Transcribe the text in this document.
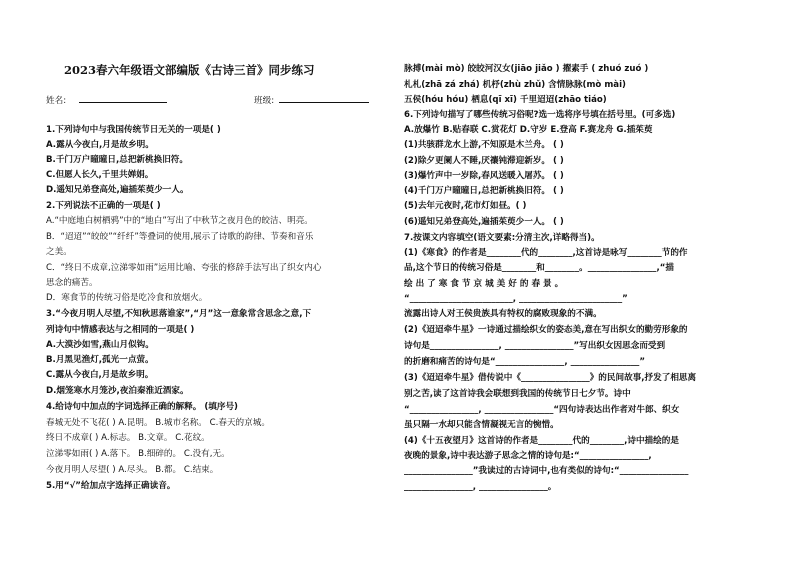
2023春六年级语文部编版《古诗三首》同步练习
姓名:	班级:
1.下列诗句中与我国传统节日无关的一项是( )
A.露从今夜白,月是故乡明。
B.千门万户曈曈日,总把新桃换旧符。
C.但愿人长久,千里共婵娟。
D.遥知兄弟登高处,遍插茱萸少一人。
2.下列说法不正确的一项是( )
A.“中庭地白树栖鸦”中的“地白”写出了中秋节之夜月色的皎洁、明亮。
B．“迢迢”“皎皎”“纤纤”等叠词的使用,展示了诗歌的韵律、节奏和音乐
之美。
C．“终日不成章,泣涕零如雨”运用比喻、夸张的修辞手法写出了织女内心
思念的痛苦。
D．寒食节的传统习俗是吃冷食和放烟火。
3.“今夜月明人尽望,不知秋思落谁家”,“月”这一意象常含思念之意,下
列诗句中情感表达与之相同的一项是( )
A.大漠沙如雪,燕山月似钩。
B.月黑见渔灯,孤光一点萤。
C.露从今夜白,月是故乡明。
D.烟笼寒水月笼沙,夜泊秦淮近酒家。
4.给诗句中加点的字词选择正确的解释。 (填序号)
春城无处不飞花( ) A.昆明。 B.城市名称。 C.春天的京城。
终日不成章( ) A.标志。 B.文章。 C.花纹。
泣涕零如雨( ) A.落下。 B.细碎的。 C.没有,无。
今夜月明人尽望( ) A.尽头。 B.都。 C.结束。
5.用“√”给加点字选择正确读音。
脉搏(mài mò) 皎皎河汉女(jiāo jiǎo ) 擢素手 ( zhuó zuó )
札札(zhā zá zhá) 机杼(zhù zhǔ) 含情脉脉(mò mài)
五侯(hóu hóu) 栖息(qī xī) 千里迢迢(zhāo tiáo)
6.下列诗句描写了哪些传统习俗呢?选一选将序号填在括号里。(可多选)
A.放爆竹 B.贴春联 C.赏花灯 D.守岁 E.登高 F.赛龙舟 G.插茱萸
(1)共骇群龙水上游,不知原是木兰舟。 ( )
(2)除夕更阑人不睡,厌禳钝滞迎新岁。 ( )
(3)爆竹声中一岁除,春风送暖入屠苏。 ( )
(4)千门万户曈曈日,总把新桃换旧符。 ( )
(5)去年元夜时,花市灯如昼。( )
(6)遥知兄弟登高处,遍插茱萸少一人。 ( )
7.按课文内容填空(语文要素:分清主次,详略得当)。
(1)《寒食》的作者是________代的________,这首诗是咏写________节的作
品,这个节日的传统习俗是________和________。________________,“描
绘 出 了 寒 食 节 京 城 美 好 的 春 景 。
“________________________, ________________________”
流露出诗人对王侯贵族具有特权的腐败现象的不满。
(2)《迢迢牵牛星》一诗通过描绘织女的姿态美,意在写出织女的勤劳形象的
诗句是________________, ________________”写出织女因思念而受到
的折磨和痛苦的诗句是“________________, ________________”
(3)《迢迢牵牛星》借传说中《________________》的民间故事,抒发了相思离
别之苦,读了这首诗我会联想到我国的传统节日七夕节。诗中
“________________, ________________“四句诗表达出作者对牛郎、织女
虽只隔一水却只能含情凝视无言的惋惜。
(4)《十五夜望月》这首诗的作者是________代的________,诗中描绘的是
夜晚的景象,诗中表达游子思念之情的诗句是:“________________,
________________”我读过的古诗词中,也有类似的诗句:“________________
________________, ________________。
